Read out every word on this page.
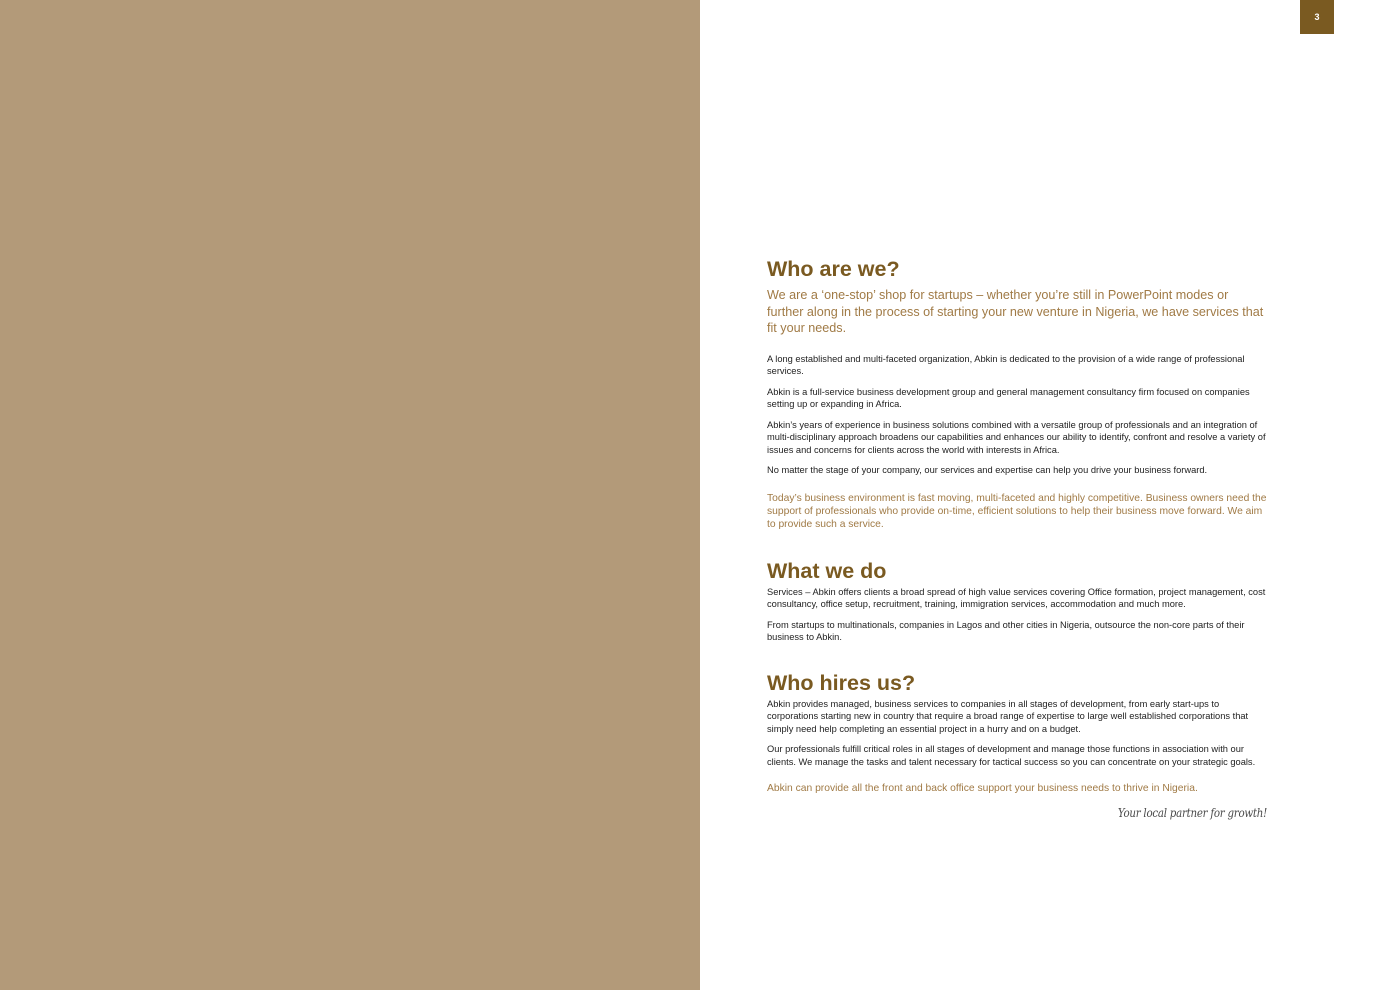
3
Who are we?

We are a ‘one-stop’ shop for startups – whether you’re still in PowerPoint modes or further along in the process of starting your new venture in Nigeria, we have services that fit your needs.

A long established and multi-faceted organization, Abkin is dedicated to the provision of a wide range of professional services.

Abkin is a full-service business development group and general management consultancy firm focused on companies setting up or expanding in Africa.

Abkin’s years of experience in business solutions combined with a versatile group of professionals and an integration of multi-disciplinary approach broadens our capabilities and enhances our ability to identify, confront and resolve a variety of issues and concerns for clients across the world with interests in Africa.

No matter the stage of your company, our services and expertise can help you drive your business forward.

Today’s business environment is fast moving, multi-faceted and highly competitive. Business owners need the support of professionals who provide on-time, efficient solutions to help their business move forward. We aim to provide such a service.

What we do

Services – Abkin offers clients a broad spread of high value services covering Office formation, project management, cost consultancy, office setup, recruitment, training, immigration services, accommodation and much more.

From startups to multinationals, companies in Lagos and other cities in Nigeria, outsource the non-core parts of their business to Abkin.

Who hires us?

Abkin provides managed, business services to companies in all stages of development, from early start-ups to corporations starting new in country that require a broad range of expertise to large well established corporations that simply need help completing an essential project in a hurry and on a budget.

Our professionals fulfill critical roles in all stages of development and manage those functions in association with our clients. We manage the tasks and talent necessary for tactical success so you can concentrate on your strategic goals.

Abkin can provide all the front and back office support your business needs to thrive in Nigeria.

Your local partner for growth!
